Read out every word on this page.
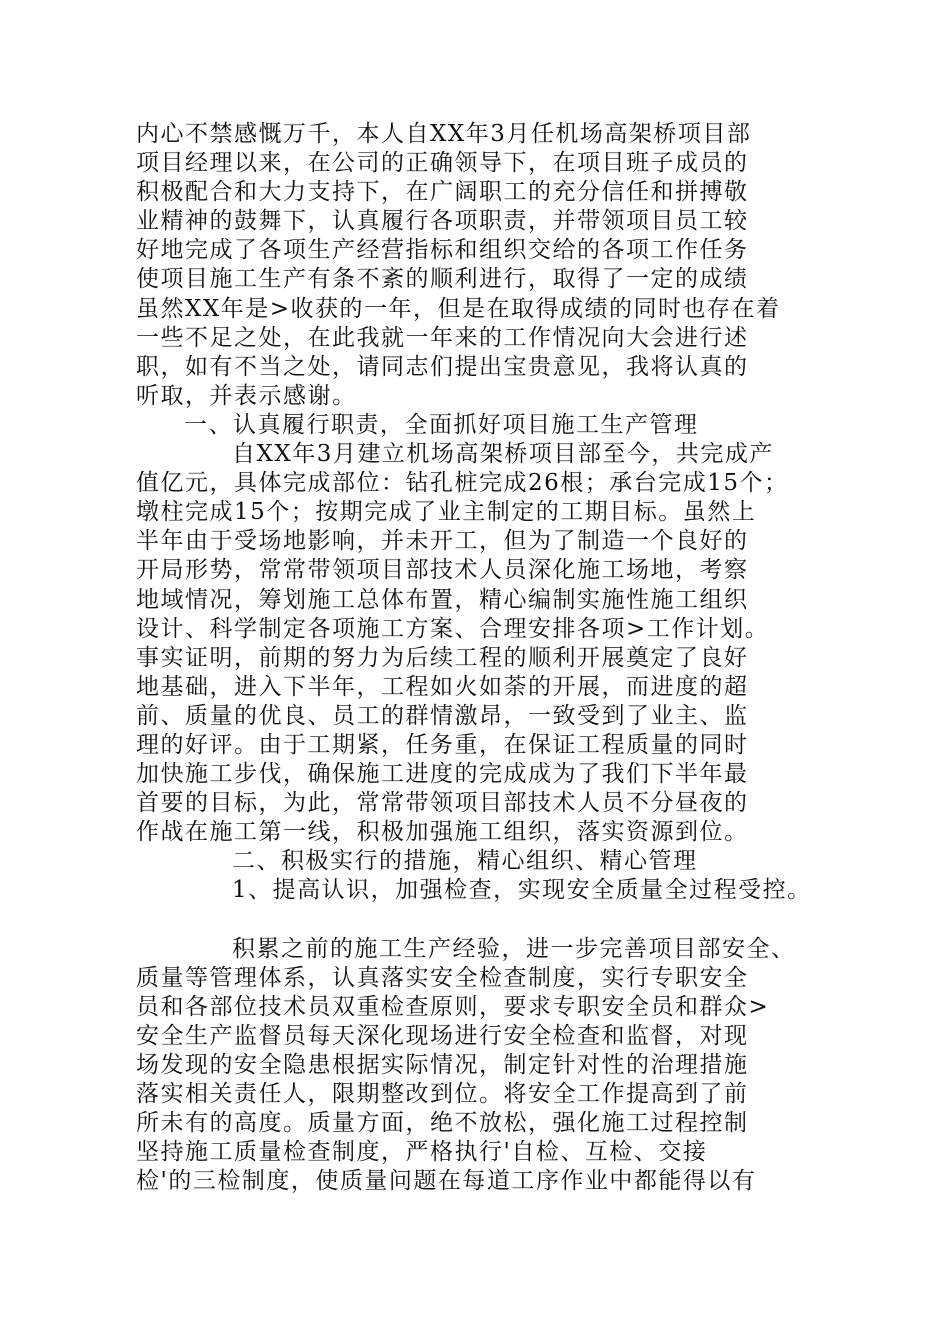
内心不禁感慨万千，本人自XX年3月任机场高架桥项目部
项目经理以来，在公司的正确领导下，在项目班子成员的
积极配合和大力支持下，在广阔职工的充分信任和拼搏敬
业精神的鼓舞下，认真履行各项职责，并带领项目员工较
好地完成了各项生产经营指标和组织交给的各项工作任务
使项目施工生产有条不紊的顺利进行，取得了一定的成绩
虽然XX年是>收获的一年，但是在取得成绩的同时也存在着
一些不足之处，在此我就一年来的工作情况向大会进行述
职，如有不当之处，请同志们提出宝贵意见，我将认真的
听取，并表示感谢。
一、认真履行职责，全面抓好项目施工生产管理
自XX年3月建立机场高架桥项目部至今，共完成产
值亿元，具体完成部位：钻孔桩完成26根；承台完成15个；
墩柱完成15个；按期完成了业主制定的工期目标。虽然上
半年由于受场地影响，并未开工，但为了制造一个良好的
开局形势，常常带领项目部技术人员深化施工场地，考察
地域情况，筹划施工总体布置，精心编制实施性施工组织
设计、科学制定各项施工方案、合理安排各项>工作计划。
事实证明，前期的努力为后续工程的顺利开展奠定了良好
地基础，进入下半年，工程如火如荼的开展，而进度的超
前、质量的优良、员工的群情激昂，一致受到了业主、监
理的好评。由于工期紧，任务重，在保证工程质量的同时
加快施工步伐，确保施工进度的完成成为了我们下半年最
首要的目标，为此，常常带领项目部技术人员不分昼夜的
作战在施工第一线，积极加强施工组织，落实资源到位。
二、积极实行的措施，精心组织、精心管理
1、提高认识，加强检查，实现安全质量全过程受控。
积累之前的施工生产经验，进一步完善项目部安全、
质量等管理体系，认真落实安全检查制度，实行专职安全
员和各部位技术员双重检查原则，要求专职安全员和群众>
安全生产监督员每天深化现场进行安全检查和监督，对现
场发现的安全隐患根据实际情况，制定针对性的治理措施
落实相关责任人，限期整改到位。将安全工作提高到了前
所未有的高度。质量方面，绝不放松，强化施工过程控制
坚持施工质量检查制度，严格执行'自检、互检、交接
检'的三检制度，使质量问题在每道工序作业中都能得以有
